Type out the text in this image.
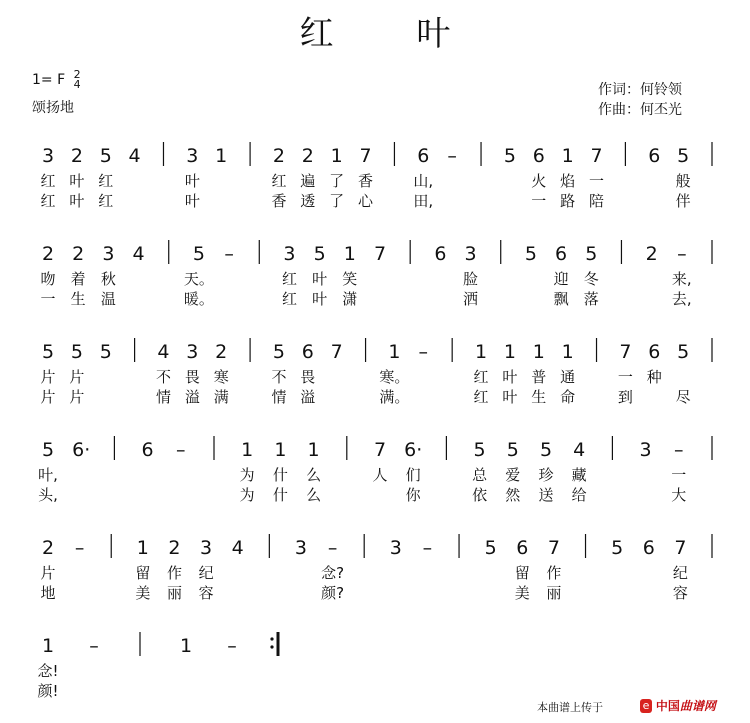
红 叶
1= F 2
4
颂扬地
作词：何铃领
作曲：何丕光
3 2 5 4 3 1 2 2 1 7 6 – 5 6 1 7 6 5
红 叶 红	叶	红 遍 了 香	山,	火 焰 一	般
红 叶 红	叶	香 透 了 心	田,	一 路 陪	伴
2 2 3 4	5 –	3 5 1 7	6 3	5 6 5	2 –
吻	着	秋	天。	红	叶	笑	脸	迎	冬	来,
一	生	温	暖。	红	叶	潇	洒	飘	落	去,
5 5 5 4 3 2 5 6 7 1 – 1 1 1 1 7 6 5
片 片	不 畏 寒	不 畏	寒。	红 叶 普 通	一 种
片 片	情 溢 满	情 溢	满。	红 叶 生 命	到	尽
5 6·	6 –	1 1 1	7 6·	5 5 5 4	3 –
叶,	为	什	么	人	们	总	爱	珍	藏	一
头,	为	什	么	你	依	然	送	给	大
2 –	1 2 3 4	3 –	3 –	5 6 7	5 6 7
片	留	作	纪	念?	留	作	纪
地	美	丽	容	颜?	美	丽	容
1 –	1 –
念!
颜!
本曲谱上传于	e 中国曲谱网
